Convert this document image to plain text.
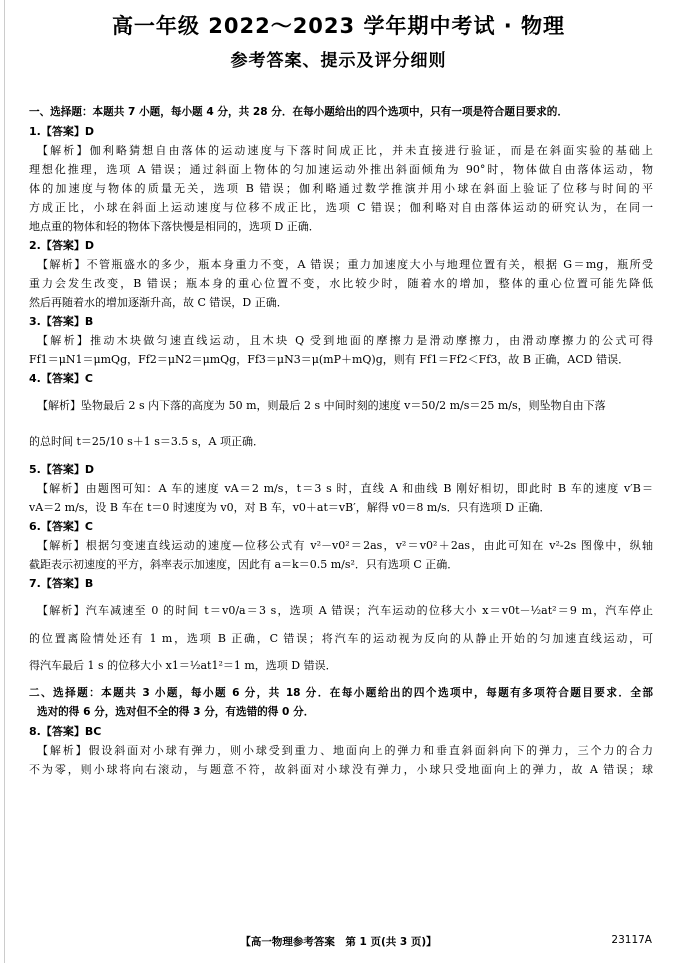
高一年级 2022～2023 学年期中考试 · 物理
参考答案、提示及评分细则
一、选择题：本题共 7 小题，每小题 4 分，共 28 分．在每小题给出的四个选项中，只有一项是符合题目要求的．
1.【答案】D
【解析】伽利略猜想自由落体的运动速度与下落时间成正比，并未直接进行验证，而是在斜面实验的基础上
理想化推理，选项 A 错误；通过斜面上物体的匀加速运动外推出斜面倾角为 90°时，物体做自由落体运动，物
体的加速度与物体的质量无关，选项 B 错误；伽利略通过数学推演并用小球在斜面上验证了位移与时间的平
方成正比，小球在斜面上运动速度与位移不成正比，选项 C 错误；伽利略对自由落体运动的研究认为，在同一
地点重的物体和轻的物体下落快慢是相同的，选项 D 正确．
2.【答案】D
【解析】不管瓶盛水的多少，瓶本身重力不变，A 错误；重力加速度大小与地理位置有关，根据 G＝mg，瓶所受
重力会发生改变，B 错误；瓶本身的重心位置不变，水比较少时，随着水的增加，整体的重心位置可能先降低
然后再随着水的增加逐渐升高，故 C 错误，D 正确．
3.【答案】B
【解析】推动木块做匀速直线运动，且木块 Q 受到地面的摩擦力是滑动摩擦力，由滑动摩擦力的公式可得
Ff1＝μN1＝μmQg，Ff2＝μN2＝μmQg，Ff3＝μN3＝μ(mP＋mQ)g，则有 Ff1＝Ff2＜Ff3，故 B 正确，ACD 错误．
4.【答案】C
【解析】坠物最后 2 s 内下落的高度为 50 m，则最后 2 s 中间时刻的速度 v＝50/2 m/s＝25 m/s，则坠物自由下落
的总时间 t＝25/10 s＋1 s＝3.5 s，A 项正确．
5.【答案】D
【解析】由题图可知：A 车的速度 vA＝2 m/s，t＝3 s 时，直线 A 和曲线 B 刚好相切，即此时 B 车的速度 v′B＝
vA＝2 m/s，设 B 车在 t＝0 时速度为 v0，对 B 车，v0＋at＝vB′，解得 v0＝8 m/s．只有选项 D 正确．
6.【答案】C
【解析】根据匀变速直线运动的速度—位移公式有 v²－v0²＝2as，v²＝v0²＋2as，由此可知在 v²-2s 图像中，纵轴
截距表示初速度的平方，斜率表示加速度，因此有 a＝k＝0.5 m/s²．只有选项 C 正确．
7.【答案】B
【解析】汽车减速至 0 的时间 t＝v0/a＝3 s，选项 A 错误；汽车运动的位移大小 x＝v0t－½at²＝9 m，汽车停止
的位置离险情处还有 1 m，选项 B 正确，C 错误；将汽车的运动视为反向的从静止开始的匀加速直线运动，可
得汽车最后 1 s 的位移大小 x1＝½at1²＝1 m，选项 D 错误．
二、选择题：本题共 3 小题，每小题 6 分，共 18 分．在每小题给出的四个选项中，每题有多项符合题目要求．全部
选对的得 6 分，选对但不全的得 3 分，有选错的得 0 分．
8.【答案】BC
【解析】假设斜面对小球有弹力，则小球受到重力、地面向上的弹力和垂直斜面斜向下的弹力，三个力的合力
不为零，则小球将向右滚动，与题意不符，故斜面对小球没有弹力，小球只受地面向上的弹力，故 A 错误；球
【高一物理参考答案　第 1 页(共 3 页)】	23117A
